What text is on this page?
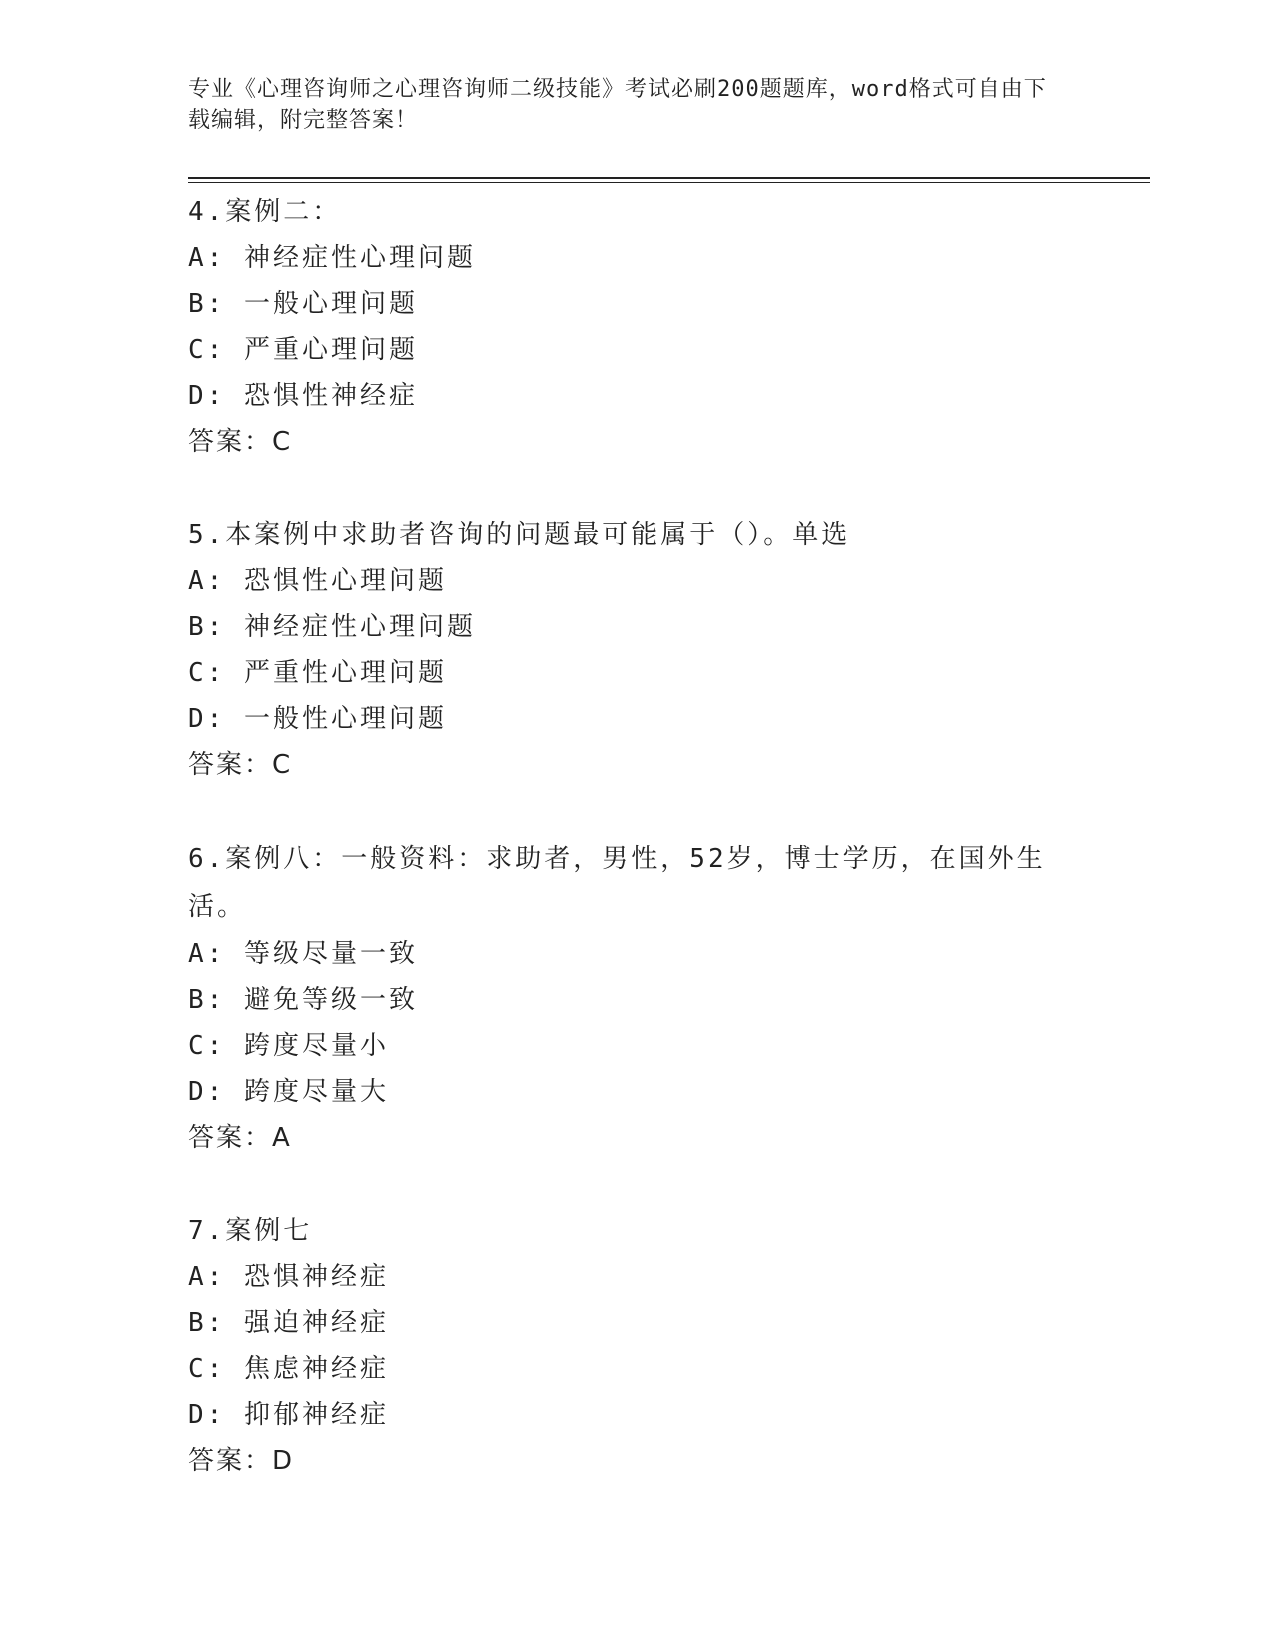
专业《心理咨询师之心理咨询师二级技能》考试必刷200题题库，word格式可自由下载编辑，附完整答案！
4.案例二：
A: 神经症性心理问题
B: 一般心理问题
C: 严重心理问题
D: 恐惧性神经症
答案：C
5.本案例中求助者咨询的问题最可能属于（）。单选
A: 恐惧性心理问题
B: 神经症性心理问题
C: 严重性心理问题
D: 一般性心理问题
答案：C
6.案例八：一般资料：求助者，男性，52岁，博士学历，在国外生活。
A: 等级尽量一致
B: 避免等级一致
C: 跨度尽量小
D: 跨度尽量大
答案：A
7.案例七
A: 恐惧神经症
B: 强迫神经症
C: 焦虑神经症
D: 抑郁神经症
答案：D
